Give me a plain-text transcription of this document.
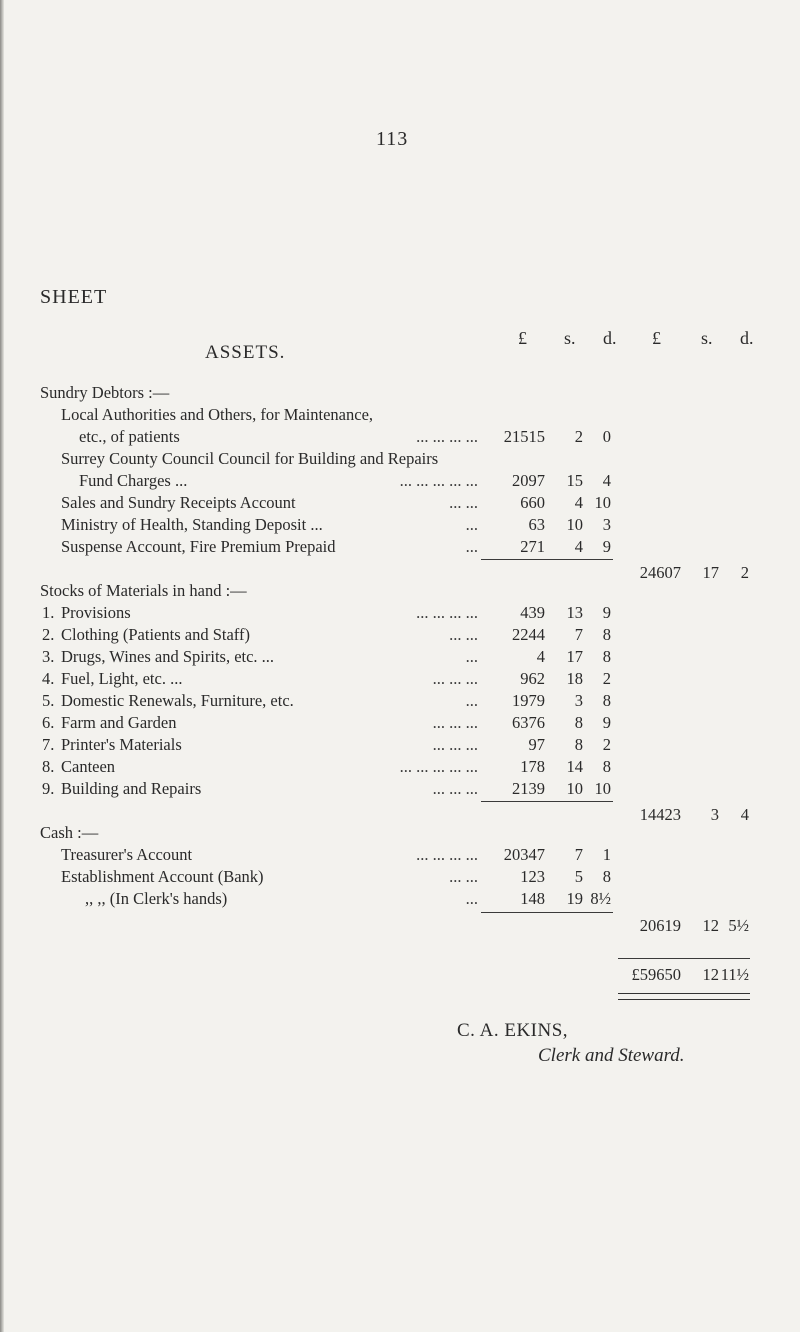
113
SHEET
ASSETS.
£ s. d. £ s. d.
Sundry Debtors :—
Local Authorities and Others, for Maintenance,
etc., of patients	... ... ... ... 21515 2 0
Surrey County Council Council for Building and Repairs
Fund Charges ...	... ... ... ... ... 2097 15 4
Sales and Sundry Receipts Account	... ...	660 4 10
Ministry of Health, Standing Deposit ...	...	63 10 3
Suspense Account, Fire Premium Prepaid	...	271 4 9
24607 17 2
Stocks of Materials in hand :—
1. Provisions	... ... ... ...	439 13 9
2. Clothing (Patients and Staff)	... ... 2244 7 8
3. Drugs, Wines and Spirits, etc. ...	...	4 17 8
4. Fuel, Light, etc. ...	... ... ...	962 18 2
5. Domestic Renewals, Furniture, etc.	... 1979 3 8
6. Farm and Garden	... ... ... 6376 8 9
7. Printer's Materials	... ... ...	97 8 2
8. Canteen	... ... ... ... ...	178 14 8
9. Building and Repairs	... ... ... 2139 10 10
14423 3 4
Cash :—
Treasurer's Account	... ... ... ... 20347 7 1
Establishment Account (Bank)	... ...	123 5 8
,, ,, (In Clerk's hands)	...	148 19 8½
20619 12 5½
£59650 12 11½
C. A. EKINS,
Clerk and Steward.
